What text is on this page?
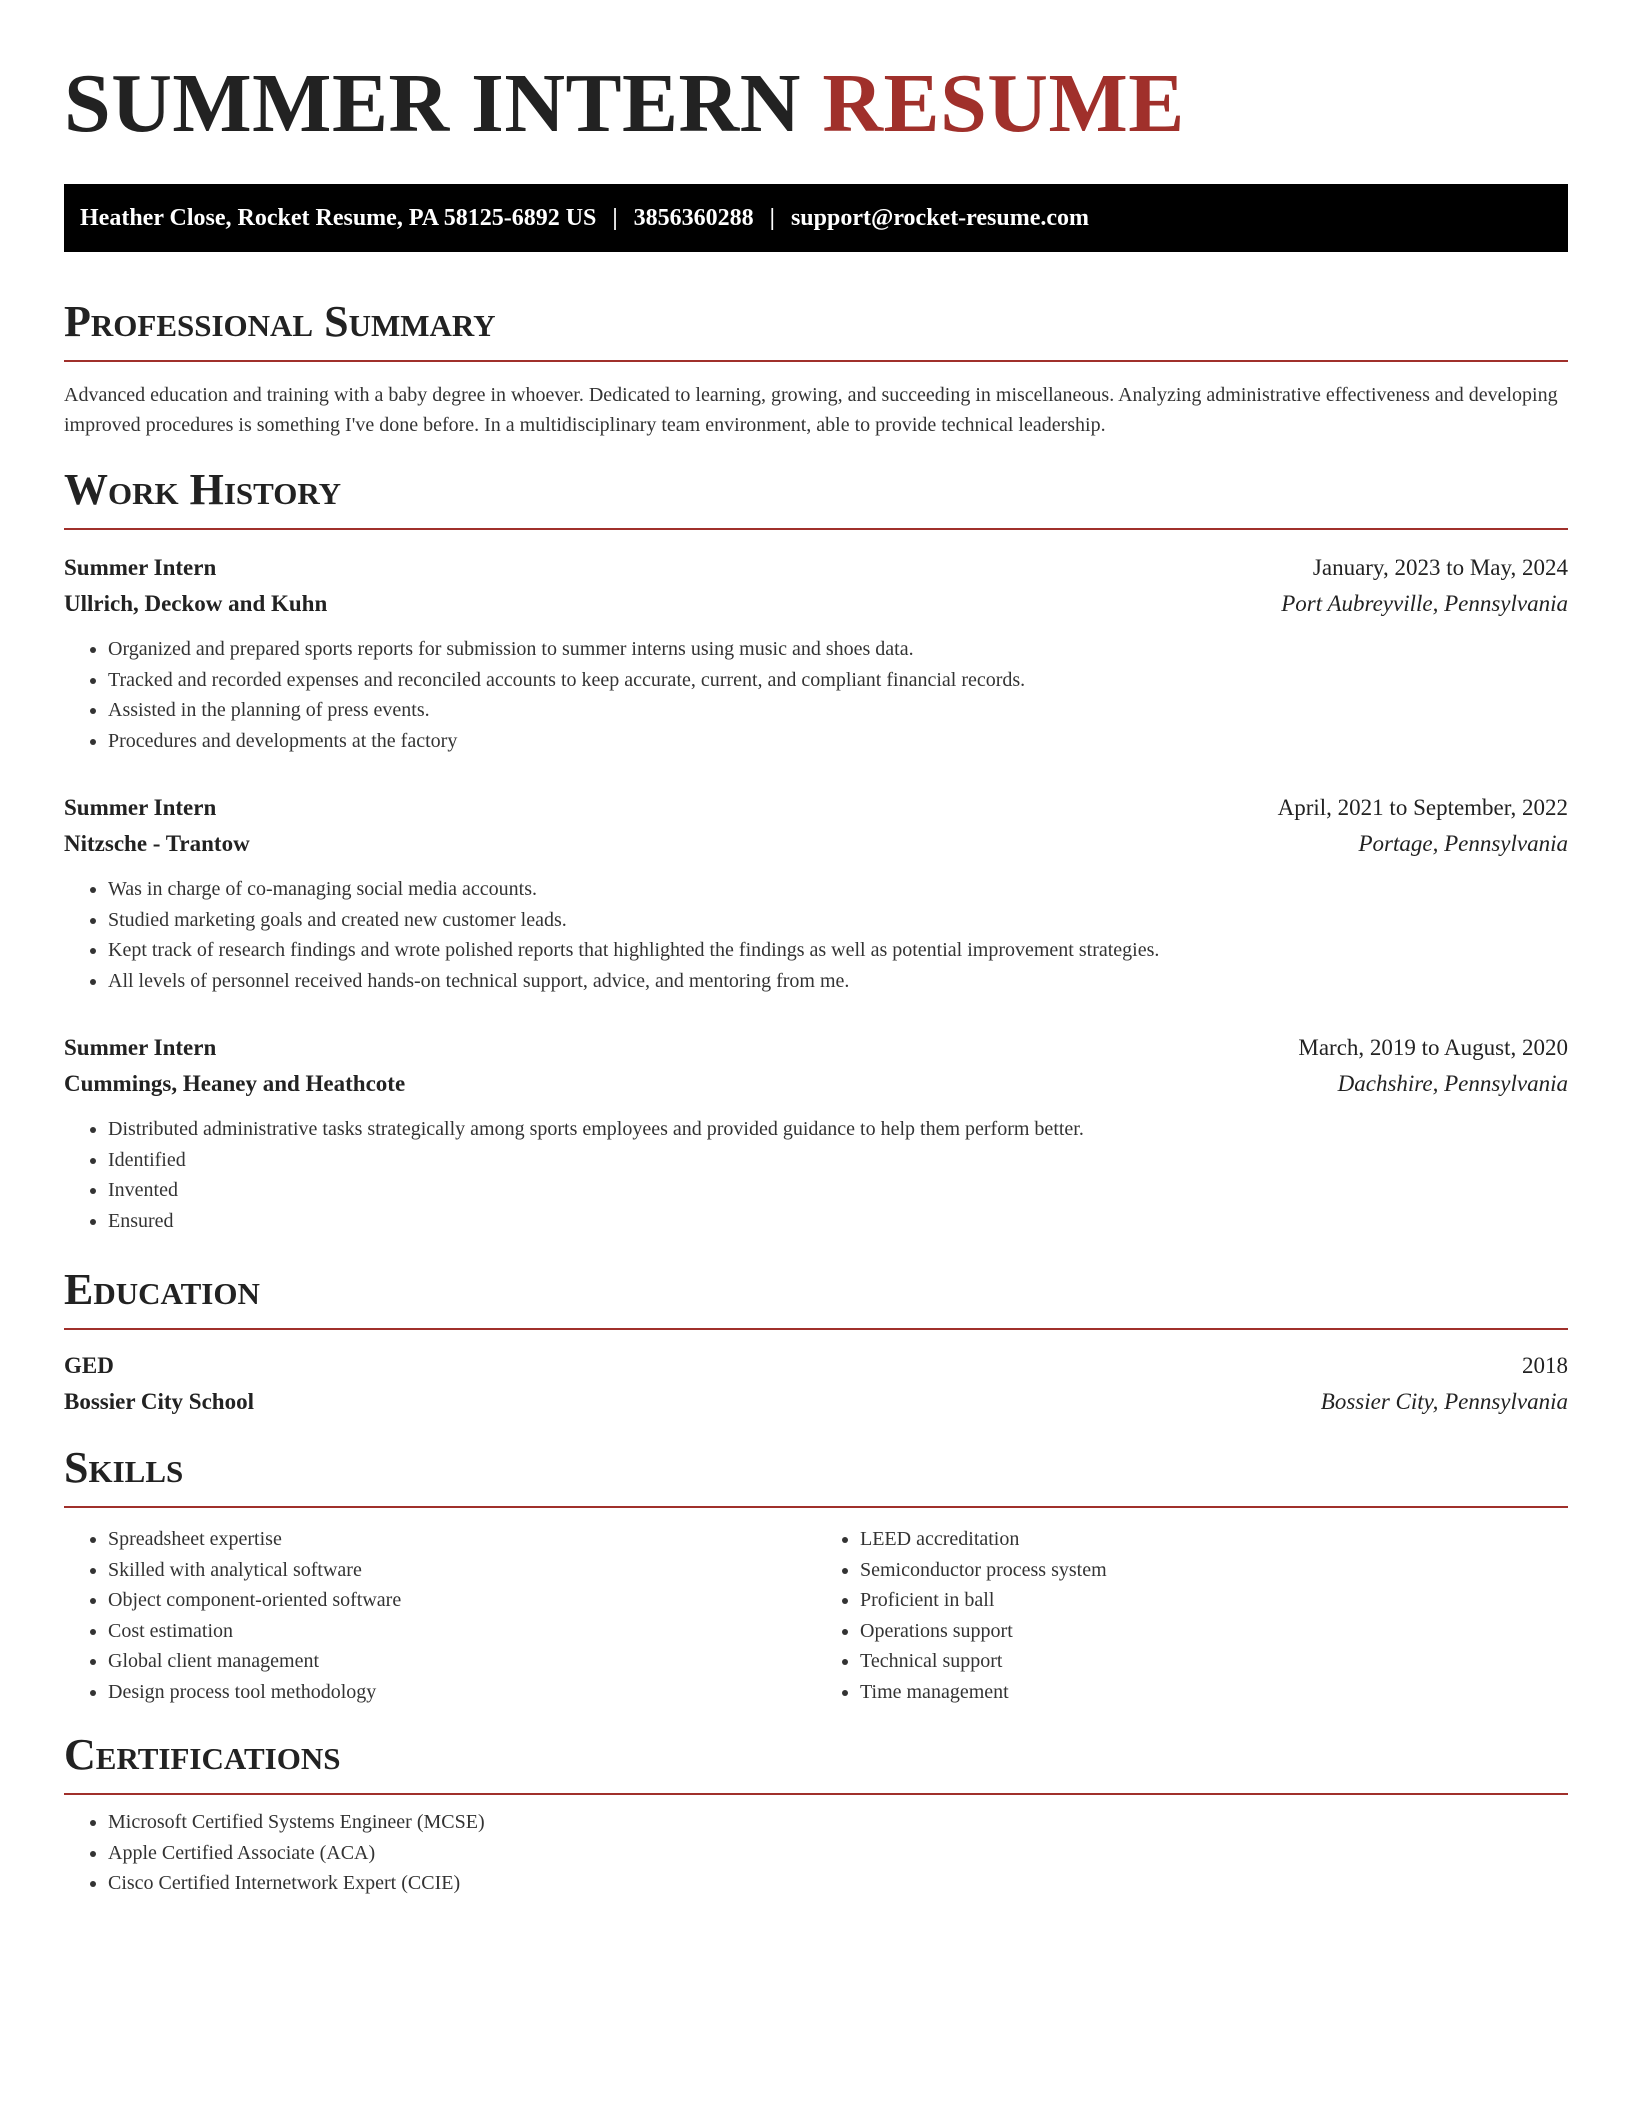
SUMMER INTERN RESUME
Heather Close, Rocket Resume, PA 58125-6892 US | 3856360288 | support@rocket-resume.com
Professional Summary

Advanced education and training with a baby degree in whoever. Dedicated to learning, growing, and succeeding in miscellaneous. Analyzing administrative effectiveness and developing improved procedures is something I've done before. In a multidisciplinary team environment, able to provide technical leadership.

Work History
Summer Intern	January, 2023 to May, 2024
Ullrich, Deckow and Kuhn	Port Aubreyville, Pennsylvania
• Organized and prepared sports reports for submission to summer interns using music and shoes data.
• Tracked and recorded expenses and reconciled accounts to keep accurate, current, and compliant financial records.
• Assisted in the planning of press events.
• Procedures and developments at the factory
Summer Intern	April, 2021 to September, 2022
Nitzsche - Trantow	Portage, Pennsylvania
• Was in charge of co-managing social media accounts.
• Studied marketing goals and created new customer leads.
• Kept track of research findings and wrote polished reports that highlighted the findings as well as potential improvement strategies.
• All levels of personnel received hands-on technical support, advice, and mentoring from me.
Summer Intern	March, 2019 to August, 2020
Cummings, Heaney and Heathcote	Dachshire, Pennsylvania
• Distributed administrative tasks strategically among sports employees and provided guidance to help them perform better.
• Identified
• Invented
• Ensured
Education
GED	2018
Bossier City School	Bossier City, Pennsylvania
Skills
• Spreadsheet expertise
• Skilled with analytical software
• Object component-oriented software
• Cost estimation
• Global client management
• Design process tool methodology
• LEED accreditation
• Semiconductor process system
• Proficient in ball
• Operations support
• Technical support
• Time management
Certifications
• Microsoft Certified Systems Engineer (MCSE)
• Apple Certified Associate (ACA)
• Cisco Certified Internetwork Expert (CCIE)
